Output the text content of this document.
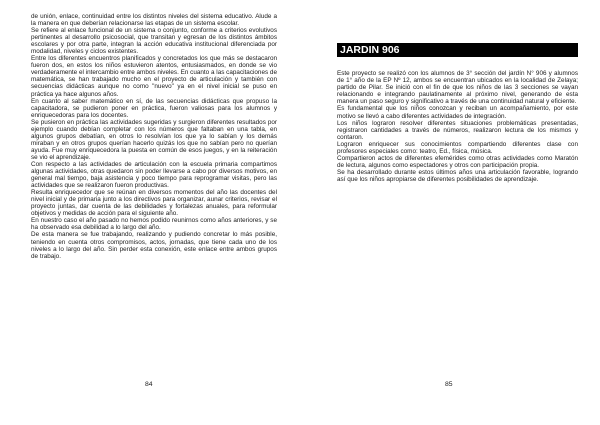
de unión, enlace, continuidad entre los distintos niveles del sistema educativo. Alude a la manera en que deberían relacionarse las etapas de un sistema escolar.

Se refiere al enlace funcional de un sistema o conjunto, conforme a criterios evolutivos pertinentes al desarrollo psicosocial, que transitan y egresan de los distintos ámbitos escolares y por otra parte, integran la acción educativa institucional diferenciada por modalidad, niveles y ciclos existentes.

Entre los diferentes encuentros planificados y concretados los que más se destacaron fueron dos, en estos los niños estuvieron atentos, entusiasmados, en donde se vio verdaderamente el intercambio entre ambos niveles. En cuanto a las capacitaciones de matemática, se han trabajado mucho en el proyecto de articulación y también con secuencias didácticas aunque no como "nuevo" ya en el nivel inicial se puso en práctica ya hace algunos años.

En cuanto al saber matemático en sí, de las secuencias didácticas que propuso la capacitadora, se pudieron poner en práctica, fueron valiosas para los alumnos y enriquecedoras para los docentes.

Se pusieron en práctica las actividades sugeridas y surgieron diferentes resultados por ejemplo cuando debían completar con los números que faltaban en una tabla, en algunos grupos debatían, en otros lo resolvían los que ya lo sabían y los demás miraban y en otros grupos querían hacerlo quizás los que no sabían pero no querían ayuda. Fue muy enriquecedora la puesta en común de esos juegos, y en la reiteración se vio el aprendizaje.

Con respecto a las actividades de articulación con la escuela primaria compartimos algunas actividades, otras quedaron sin poder llevarse a cabo por diversos motivos, en general mal tiempo, baja asistencia y poco tiempo para reprogramar visitas, pero las actividades que se realizaron fueron productivas.

Resulta enriquecedor que se reúnan en diversos momentos del año las docentes del nivel inicial y de primaria junto a los directivos para organizar, aunar criterios, revisar el proyecto juntas, dar cuenta de las debilidades y fortalezas anuales, para reformular objetivos y medidas de acción para el siguiente año.

En nuestro caso el año pasado no hemos podido reunirnos como años anteriores, y se ha observado esa debilidad a lo largo del año.

De esta manera se fue trabajando, realizando y pudiendo concretar lo más posible, teniendo en cuenta otros compromisos, actos, jornadas, que tiene cada uno de los niveles a lo largo del año. Sin perder esta conexión, este enlace entre ambos grupos de trabajo.

84
JARDIN 906

Este proyecto se realizó con los alumnos de 3° sección del jardín N° 906 y alumnos de 1° año de la EP Nº 12, ambos se encuentran ubicados en la localidad de Zelaya; partido de Pilar. Se inició con el fin de que los niños de las 3 secciones se vayan relacionando e integrando paulatinamente al próximo nivel, generando de esta manera un paso seguro y significativo a través de una continuidad natural y eficiente.

Es fundamental que los niños conozcan y reciban un acompañamiento, por este motivo se llevó a cabo diferentes actividades de integración.

Los niños lograron resolver diferentes situaciones problemáticas presentadas, registraron cantidades a través de números, realizaron lectura de los mismos y contaron.

Lograron enriquecer sus conocimientos compartiendo diferentes clase con profesores especiales como: teatro, Ed., física, música.

Compartieron actos de diferentes efemérides como otras actividades como Maratón de lectura, algunos como espectadores y otros con participación propia.

Se ha desarrollado durante estos últimos años una articulación favorable, logrando así que los niños apropiarse de diferentes posibilidades de aprendizaje.

85
